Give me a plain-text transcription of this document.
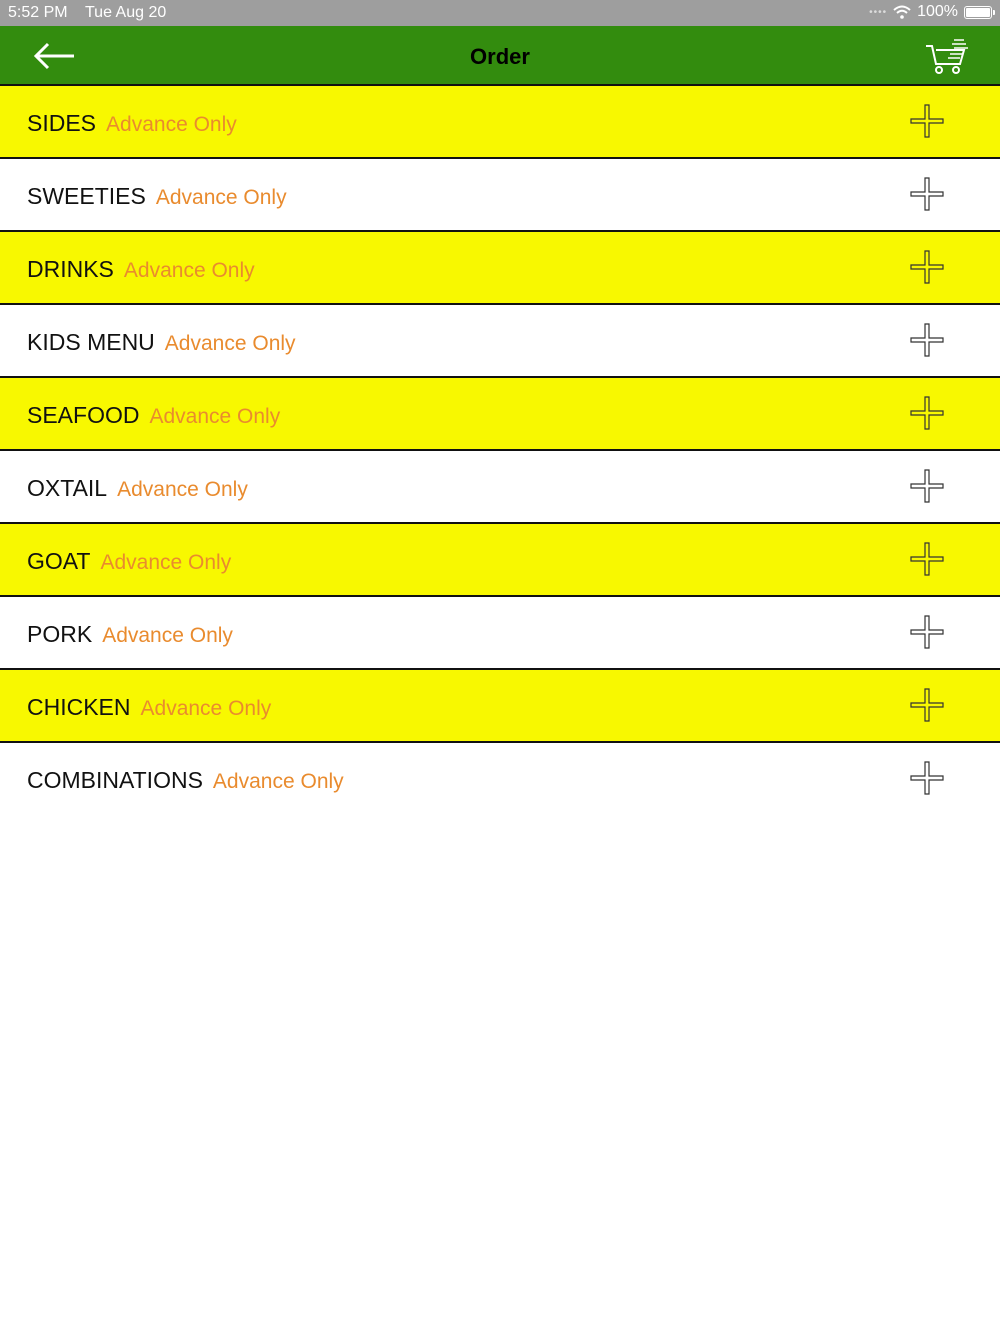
5:52 PM Tue Aug 20	•••• 100%
Order
SIDES Advance Only
SWEETIES Advance Only
DRINKS Advance Only
KIDS MENU Advance Only
SEAFOOD Advance Only
OXTAIL Advance Only
GOAT Advance Only
PORK Advance Only
CHICKEN Advance Only
COMBINATIONS Advance Only
